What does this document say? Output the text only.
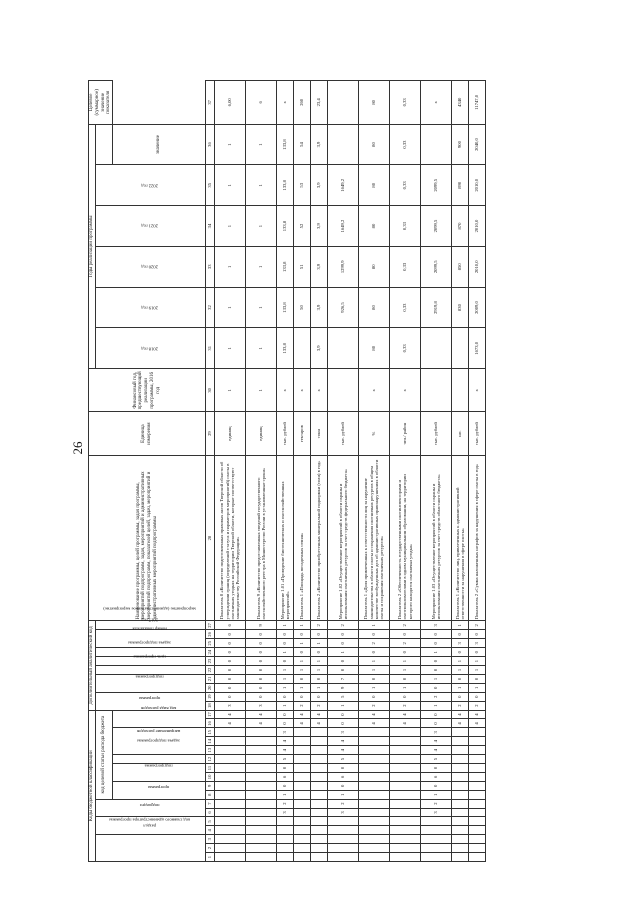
26
Коды бюджетной классификации																	Дополнительный аналитический код										Наименование программы, целей программы, задач программы, мероприятий подпрограмм, задач, мероприятий и административных мероприятий подпрограмм, показателей целей, задач, мероприятий и административных мероприятий подпрограммы	Единица измерения	Финансовый год, предшествующий реализации программы, 2016 год	Годы реализации программы						Целевое (суммарное) значение показателя
код главного администратора программы			раздел		подраздел		код целевой статьи расхода бюджета										программа		подпрограмма		цель программы	задача подпрограммы	мероприятие (административное мероприятие)	номер показателя		2017 год				2018 год	2019 год	2020 год	2021 год	2022 год		
							программа		подпрограмма		задача подпрограммы	направление расходов			код вида расходов																				значение	
1	2	3	4	5	6	7	8	9	10	11	12	13	14	15	16	17	18	19	20	21	22	23	24	25	26	27	28	29	30	31	32	33	34	35	36	37
															4	4	3	0	0	0	0	0	0	0	0	6	Показатель 8 «Количество подготовленных правовых актов Тверской области об утверждении границ (определений статуса и параметров мероприятий) охоты в охотничьих угодьях на территории Тверской области, которые соответствуют законодательству Российской Федерации»	единиц	1	1	1	1	1	1	1	6,00
															4	4	3	0	0	0	0	0	0	0	0	9	Показатель 9 «Количество предоставленных сведений государственного охотхозяйственного реестра в Министерство России в установленные сроки»	единиц	1	1	1	1	1	1	1	6
					3	2	1	0	6	0	5	4	4	3	0	0	1	0	1	1	1	0	1	0	0	1	Мероприятие 1.01 «Проведение биотехнических и охотхозяйственных мероприятий»	тыс. рублей	x	133,8	133,8	133,8	133,8	133,8	133,8	x
															4	4	2	0	1	0	1	1	0	1	0	1	Показатель 1 «Площадь посадочных семян»	гектаров	x		50	51	52	53	54	260
															4	4	2	0	1	0	1	1	0	1	0	2	Показатель 2 «Количество приобретенных минеральной подкормки (соли) в год»	тонн	x	3,9	3,9	3,9	3,9	3,9	3,9	23,4
					3	2	1	0	6	0	5	4	4	3	0	0	1	5	9	7	0	0	1	0	0	2	Мероприятие 1.02 «Осуществление мероприятий в области охраны и использования охотничьих ресурсов за счет средств федерального бюджета»	тыс. рублей			926,5	1299,9	1649,2	1649,2		
															4	4	2	0	1	0	1	1	0	2	0	1	Показатель 1 «Доля привлеченных к ответственности лиц за нарушение законодательства в области охоты и сохранения охотничьих ресурсов в общем количестве возбужденных дел об административных правонарушениях в области охоты и сохранения охотничьих ресурсов»	%	x	80	80	80	80	80	80	80
															4	4	2	0	1	0	1	1	0	2	0	2	Показатель 2 «Обеспеченность государственными охотинспекторами и охотпользователями в одном муниципальном образовании, на территории которого находятся охотничьи угодья»	чел./ район	x	0,33	0,33	0,33	0,33	0,33	0,33	0,33
					3	2	1	0	6	0	5	4	4	3	0	0	1	2	0	1	0	0	1	0	0	3	Мероприятие 1.03 «Осуществление мероприятий в области охраны и использования охотничьих ресурсов за счет средств областного бюджета»	тыс. рублей			2919,8	2099,5	2099,5	2099,5		x
															4	4	2	0	1	0	1	1	0	3	0	1	Показатель 1 «Количество лиц, привлеченных к административной ответственности за нарушения в сфере охоты»	шт.			830	850	870	890	900	4340
															4	4	2	0	1	0	1	1	0	3	0	2	Показатель 2 «Сумма наложенных штрафов за нарушения в сфере охоты в год»	тыс. рублей	x	1673,0	2009,0	2010,0	2010,0	2010,0	2040,0	11747,0
